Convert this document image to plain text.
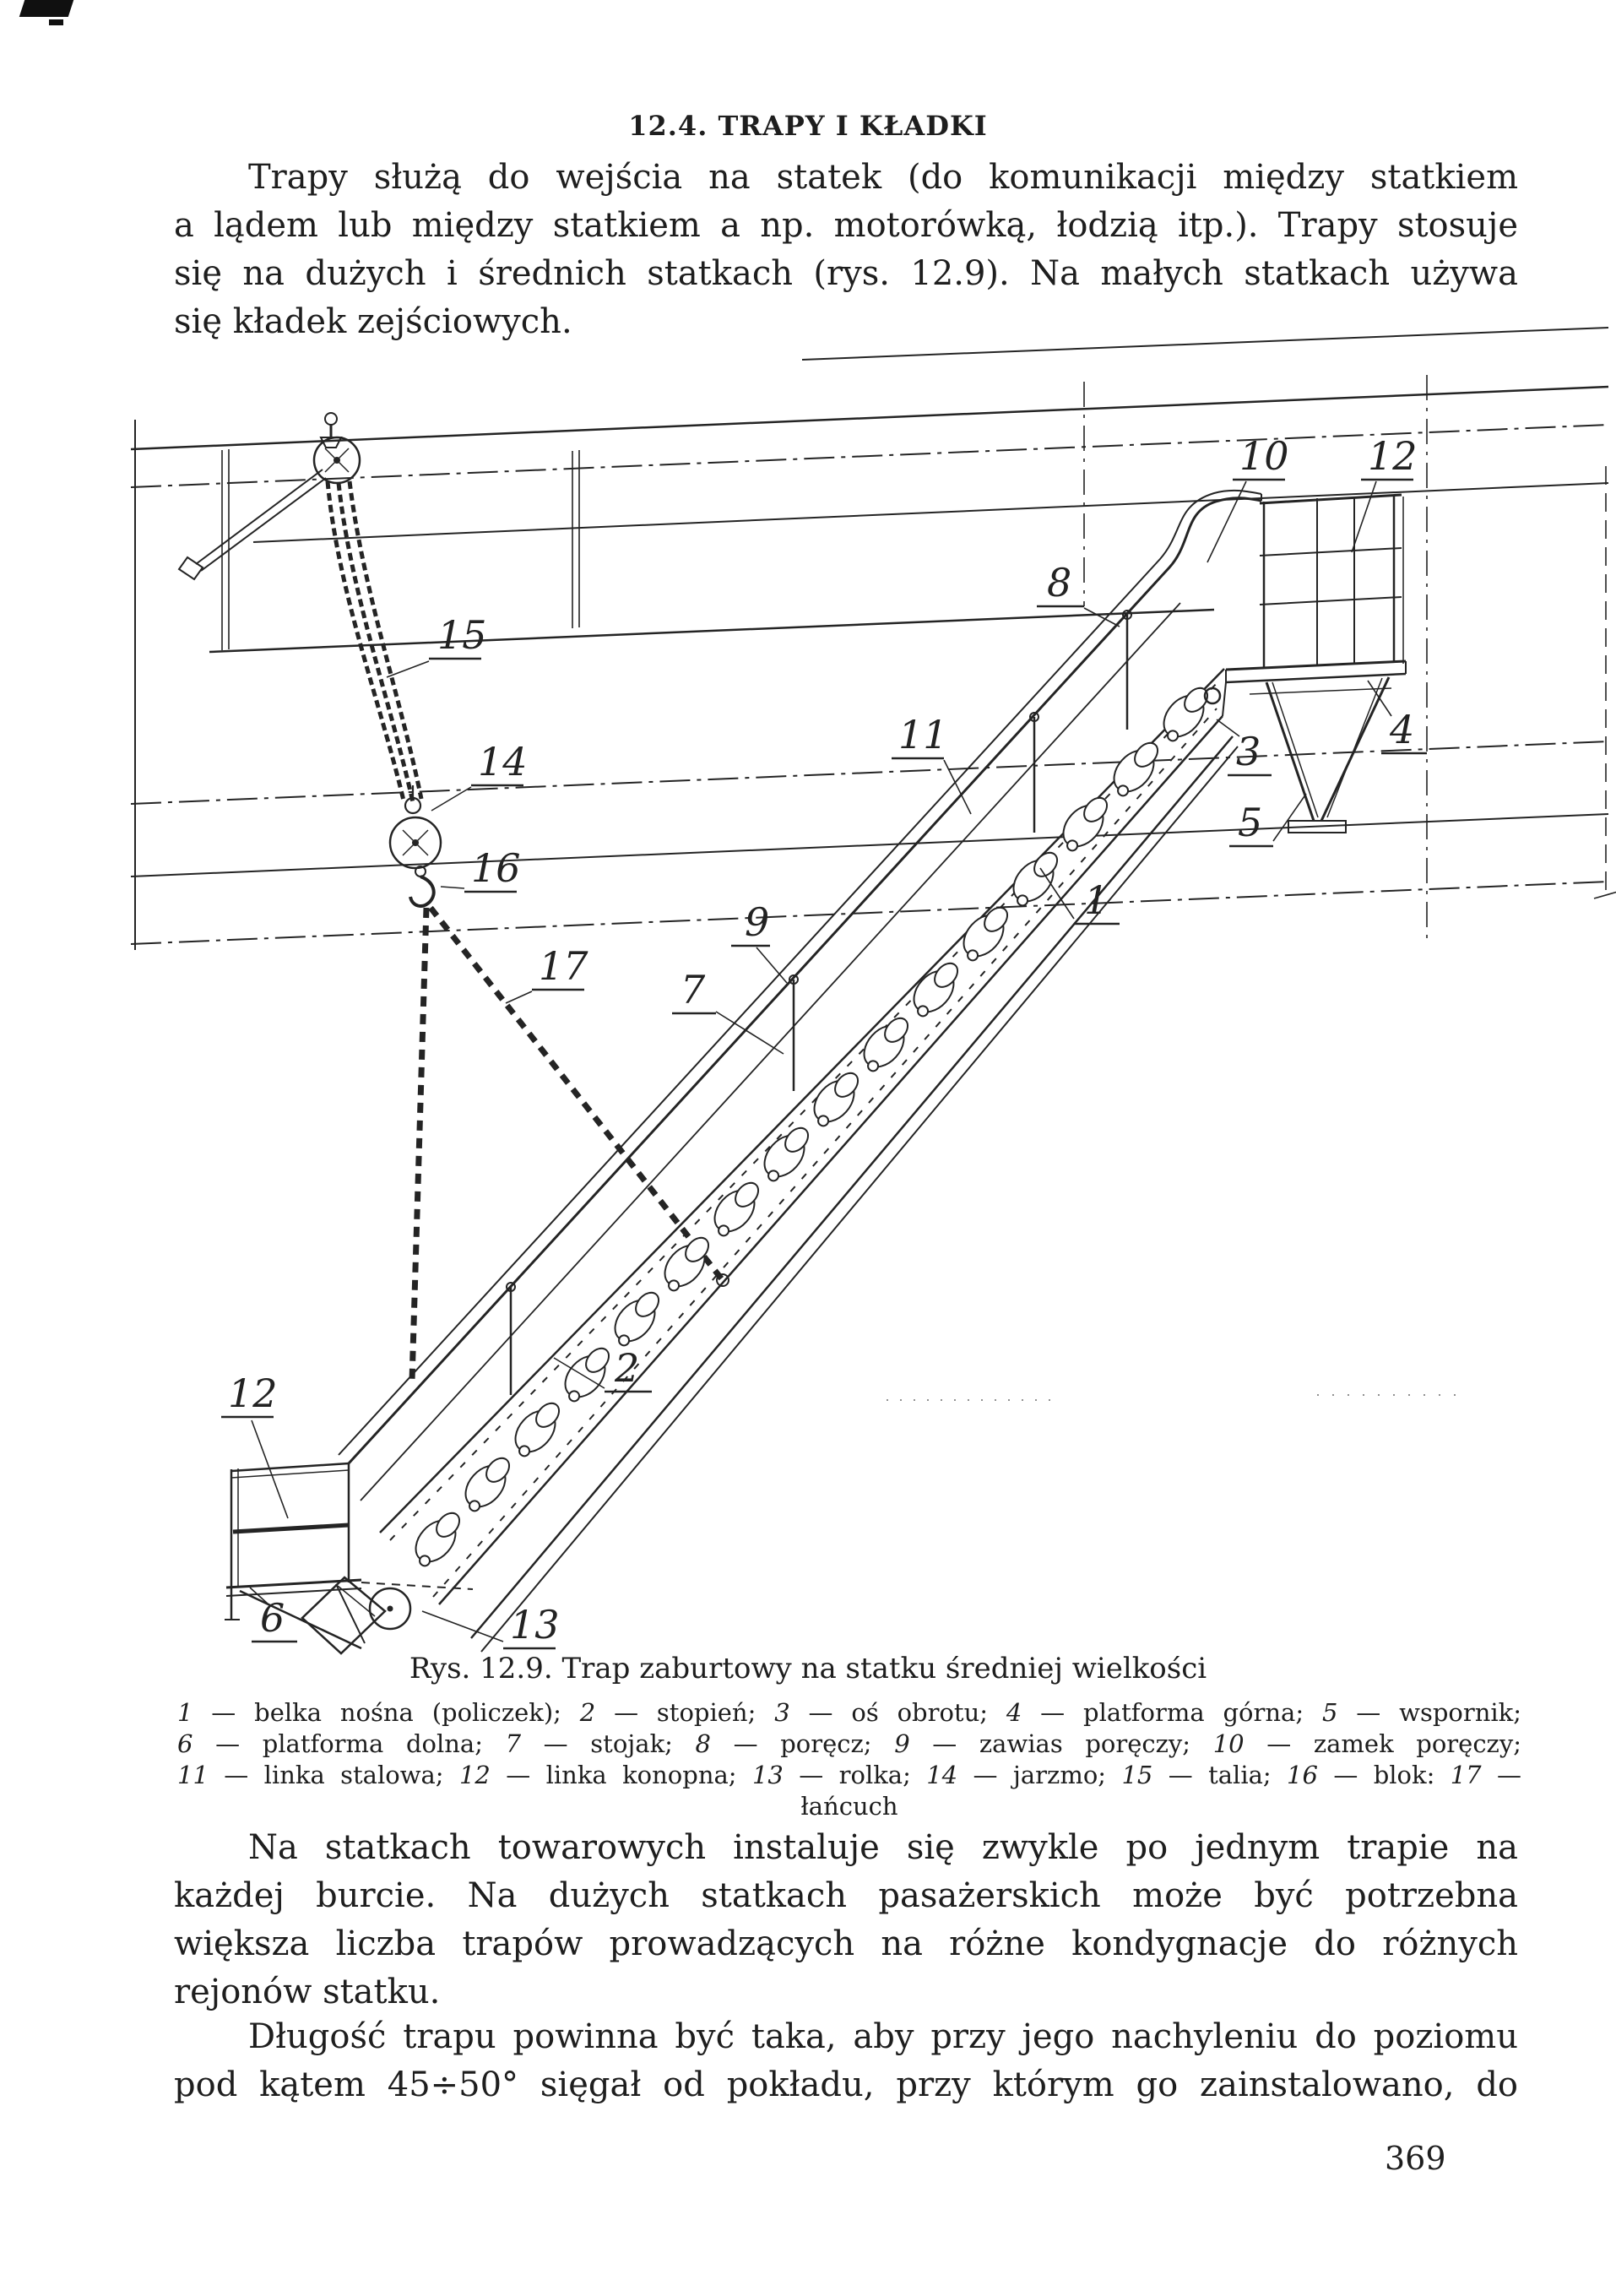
12.4. TRAPY I KŁADKI
Trapy służą do wejścia na statek (do komunikacji między statkiem
a lądem lub między statkiem a np. motorówką, łodzią itp.). Trapy stosuje
się na dużych i średnich statkach (rys. 12.9). Na małych statkach używa
się kładek zejściowych.
1
2
3	4
5
6
7
8
9
10
11
12
13
14
15
16
17
12
Rys. 12.9. Trap zaburtowy na statku średniej wielkości
1 — belka nośna (policzek); 2 — stopień; 3 — oś obrotu; 4 — platforma górna; 5 — wspornik;
6 — platforma dolna; 7 — stojak; 8 — poręcz; 9 — zawias poręczy; 10 — zamek poręczy;
11 — linka stalowa; 12 — linka konopna; 13 — rolka; 14 — jarzmo; 15 — talia; 16 — blok: 17 —
łańcuch
Na statkach towarowych instaluje się zwykle po jednym trapie na
każdej burcie. Na dużych statkach pasażerskich może być potrzebna
większa liczba trapów prowadzących na różne kondygnacje do różnych
rejonów statku.
Długość trapu powinna być taka, aby przy jego nachyleniu do poziomu
pod kątem 45÷50° sięgał od pokładu, przy którym go zainstalowano, do
369
